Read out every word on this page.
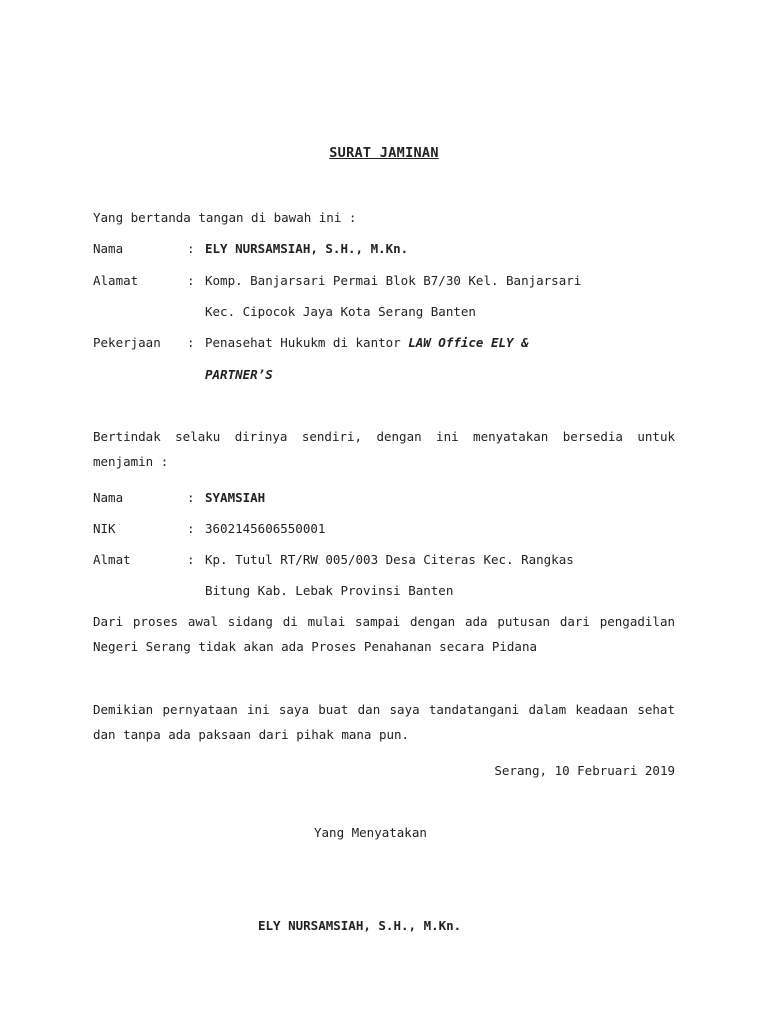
SURAT JAMINAN
Yang bertanda tangan di bawah ini :
Nama	: ELY NURSAMSIAH, S.H., M.Kn.
Alamat	: Komp. Banjarsari Permai Blok B7/30 Kel. Banjarsari
Kec. Cipocok Jaya Kota Serang Banten
Pekerjaan : Penasehat Hukukm di kantor LAW Office ELY &
PARTNER’S
Bertindak selaku dirinya sendiri, dengan ini menyatakan bersedia untuk menjamin :
Nama	: SYAMSIAH
NIK	: 3602145606550001
Almat	: Kp. Tutul RT/RW 005/003 Desa Citeras Kec. Rangkas
Bitung Kab. Lebak Provinsi Banten
Dari proses awal sidang di mulai sampai dengan ada putusan dari pengadilan Negeri Serang tidak akan ada Proses Penahanan secara Pidana
Demikian pernyataan ini saya buat dan saya tandatangani dalam keadaan sehat dan tanpa ada paksaan dari pihak mana pun.
Serang, 10 Februari 2019
Yang Menyatakan
ELY NURSAMSIAH, S.H., M.Kn.
